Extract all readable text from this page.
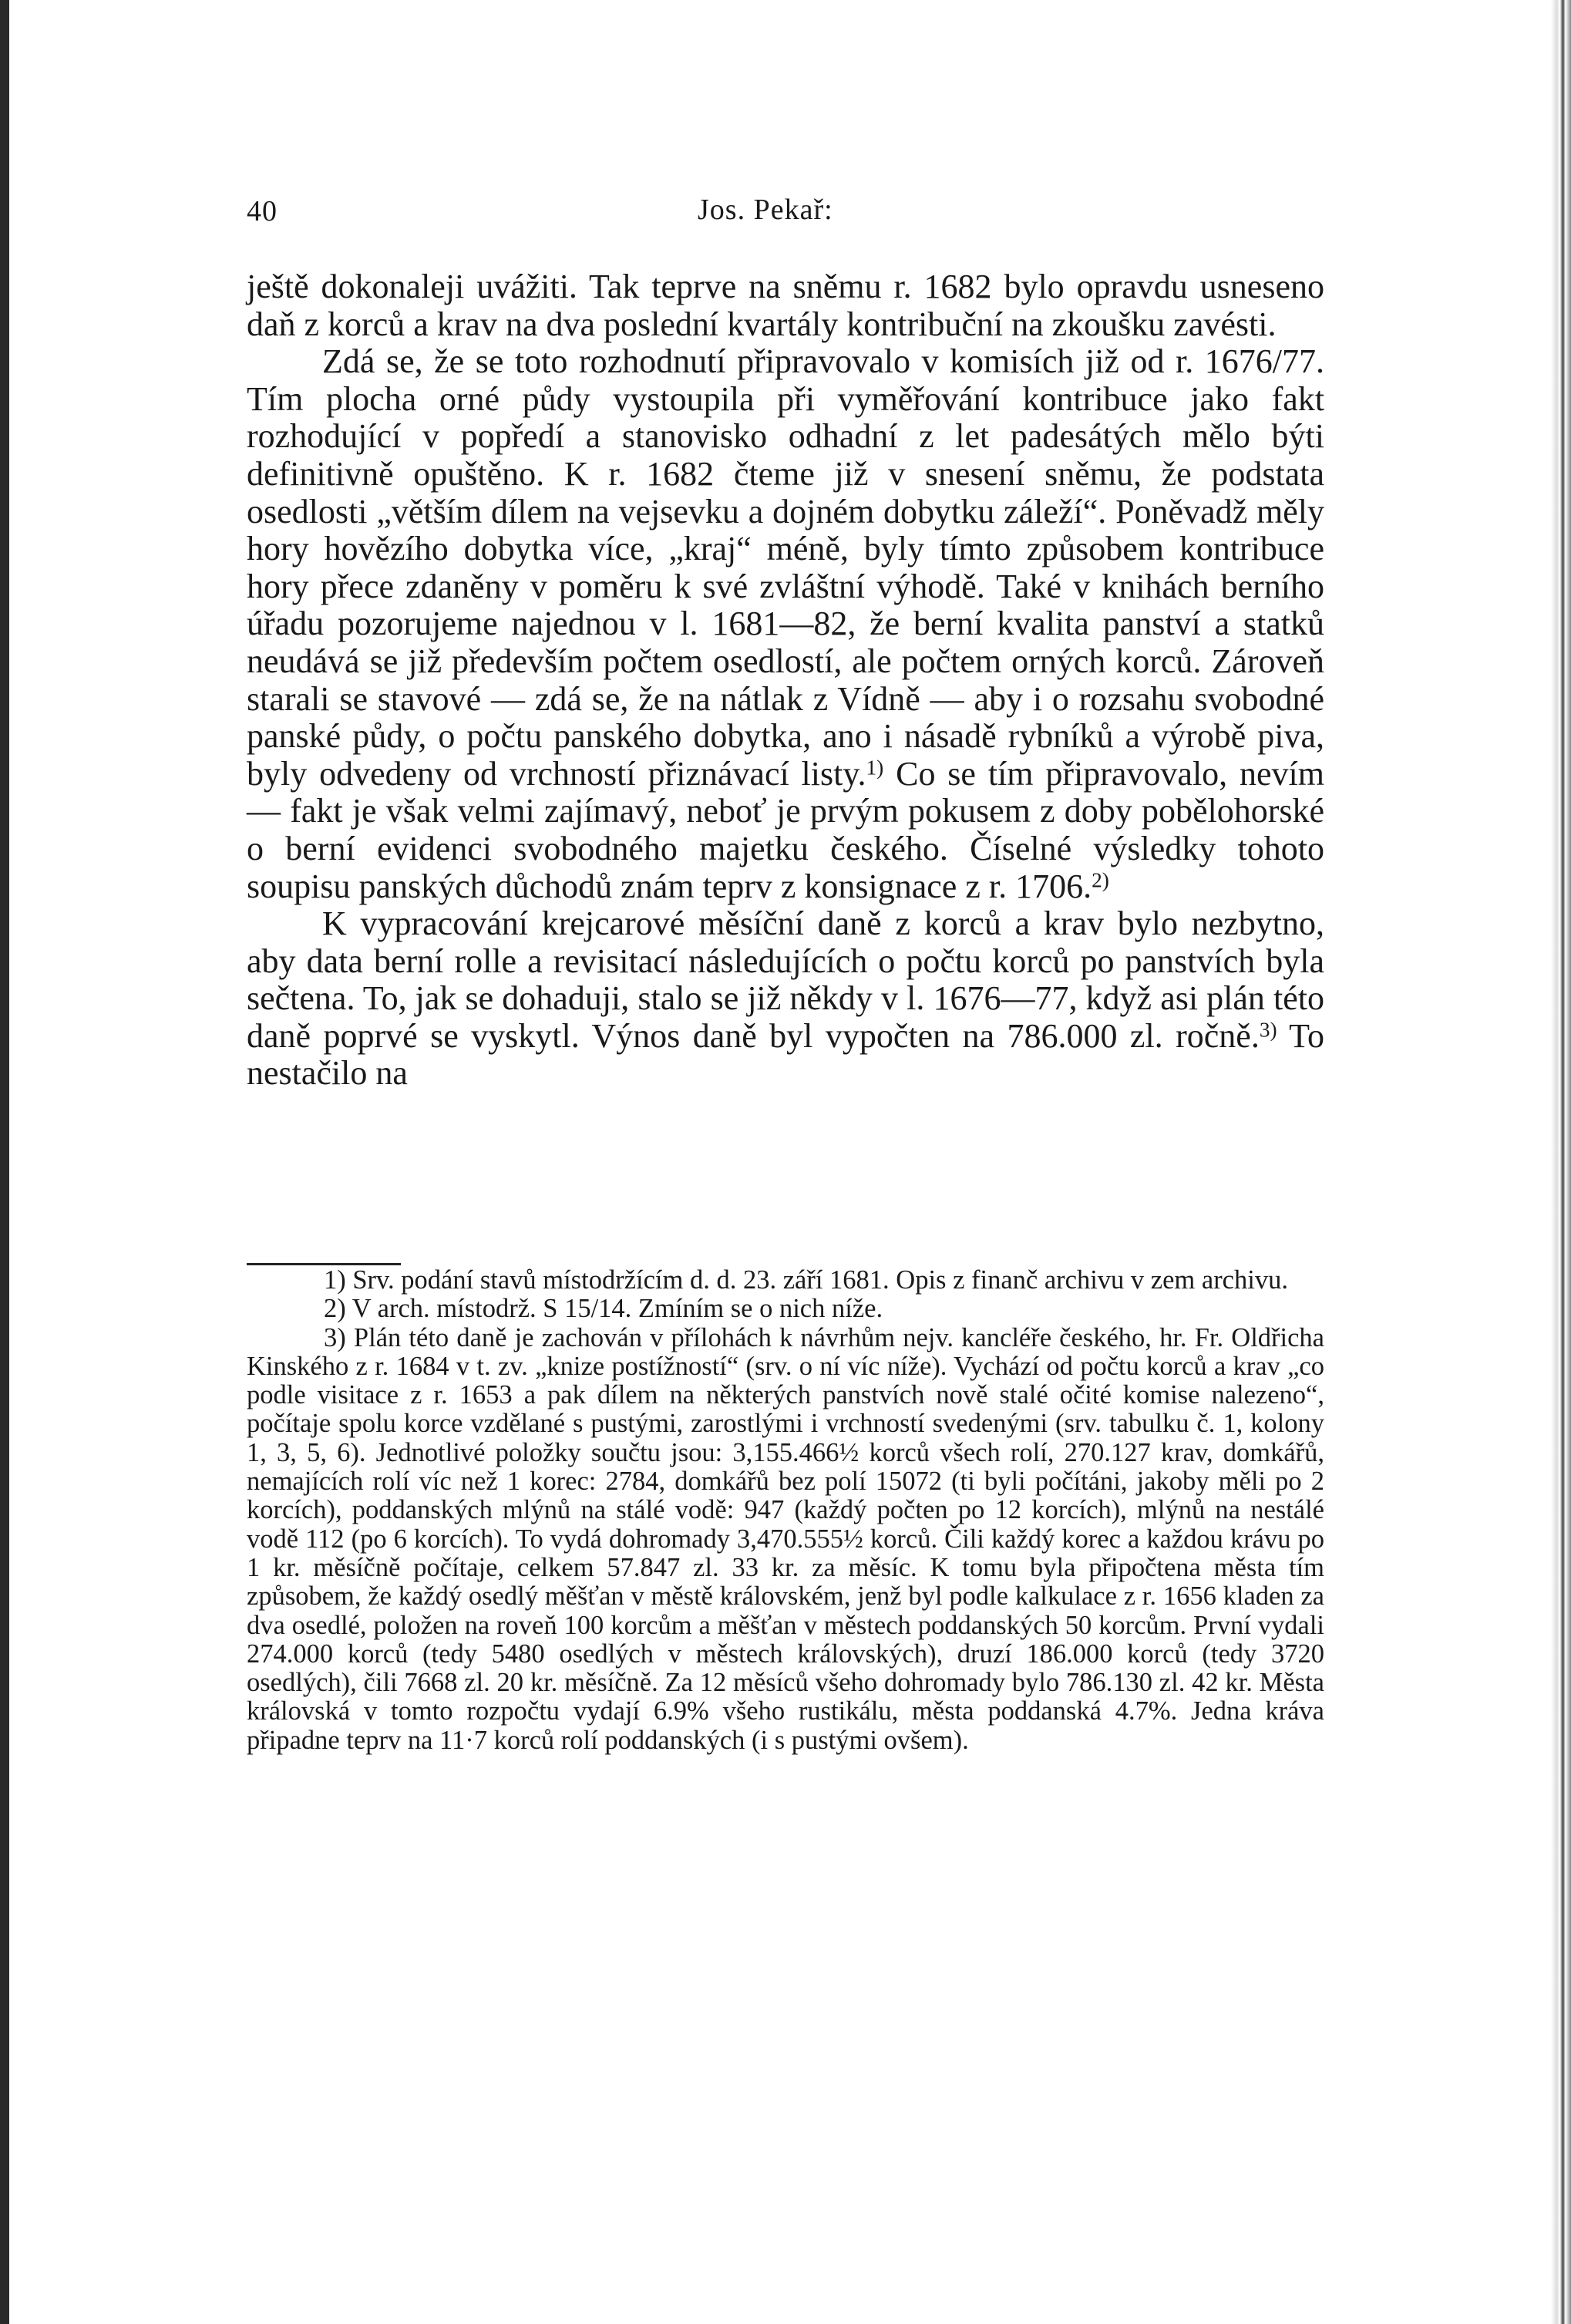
40	Jos. Pekař:

ještě dokonaleji uvážiti. Tak teprve na sněmu r. 1682 bylo opravdu usneseno daň z korců a krav na dva poslední kvartály kontribuční na zkoušku zavésti.

Zdá se, že se toto rozhodnutí připravovalo v komisích již od r. 1676/77. Tím plocha orné půdy vystoupila při vyměřování kontribuce jako fakt rozhodující v popředí a stanovisko odhadní z let padesátých mělo býti definitivně opuštěno. K r. 1682 čteme již v snesení sněmu, že podstata osedlosti „větším dílem na vejsevku a dojném dobytku záleží“. Poněvadž měly hory hovězího dobytka více, „kraj“ méně, byly tímto způsobem kontribuce hory přece zdaněny v poměru k své zvláštní výhodě. Také v knihách berního úřadu pozorujeme najednou v l. 1681—82, že berní kvalita panství a statků neudává se již především počtem osedlostí, ale počtem orných korců. Zároveň starali se stavové — zdá se, že na nátlak z Vídně — aby i o rozsahu svobodné panské půdy, o počtu panského dobytka, ano i násadě rybníků a výrobě piva, byly odvedeny od vrchností přiznávací listy.$^{1)}$ Co se tím připravovalo, nevím — fakt je však velmi zajímavý, neboť je prvým pokusem z doby pobělohorské o berní evidenci svobodného majetku českého. Číselné výsledky tohoto soupisu panských důchodů znám teprv z konsignace z r. 1706.$^{2)}$

K vypracování krejcarové měsíční daně z korců a krav bylo nezbytno, aby data berní rolle a revisitací následujících o počtu korců po panstvích byla sečtena. To, jak se dohaduji, stalo se již někdy v l. 1676—77, když asi plán této daně poprvé se vyskytl. Výnos daně byl vypočten na 786.000 zl. ročně.$^{3)}$ To nestačilo na

1) Srv. podání stavů místodržícím d. d. 23. září 1681. Opis z finanč archivu v zem archivu.

2) V arch. místodrž. S 15/14. Zmíním se o nich níže.

3) Plán této daně je zachován v přílohách k návrhům nejv. kancléře českého, hr. Fr. Oldřicha Kinského z r. 1684 v t. zv. „knize postížností“ (srv. o ní víc níže). Vychází od počtu korců a krav „co podle visitace z r. 1653 a pak dílem na některých panstvích nově stalé očité komise nalezeno“, počítaje spolu korce vzdělané s pustými, zarostlými i vrchností svedenými (srv. tabulku č. 1, kolony 1, 3, 5, 6). Jednotlivé položky součtu jsou: 3,155.466½ korců všech rolí, 270.127 krav, domkářů, nemajících rolí víc než 1 korec: 2784, domkářů bez polí 15072 (ti byli počítáni, jakoby měli po 2 korcích), poddanských mlýnů na stálé vodě: 947 (každý počten po 12 korcích), mlýnů na nestálé vodě 112 (po 6 korcích). To vydá dohromady 3,470.555½ korců. Čili každý korec a každou krávu po 1 kr. měsíčně počítaje, celkem 57.847 zl. 33 kr. za měsíc. K tomu byla připočtena města tím způsobem, že každý osedlý měšťan v městě královském, jenž byl podle kalkulace z r. 1656 kladen za dva osedlé, položen na roveň 100 korcům a měšťan v městech poddanských 50 korcům. První vydali 274.000 korců (tedy 5480 osedlých v městech královských), druzí 186.000 korců (tedy 3720 osedlých), čili 7668 zl. 20 kr. měsíčně. Za 12 měsíců všeho dohromady bylo 786.130 zl. 42 kr. Města královská v tomto rozpočtu vydají 6.9% všeho rustikálu, města poddanská 4.7%. Jedna kráva připadne teprv na 11·7 korců rolí poddanských (i s pustými ovšem).
